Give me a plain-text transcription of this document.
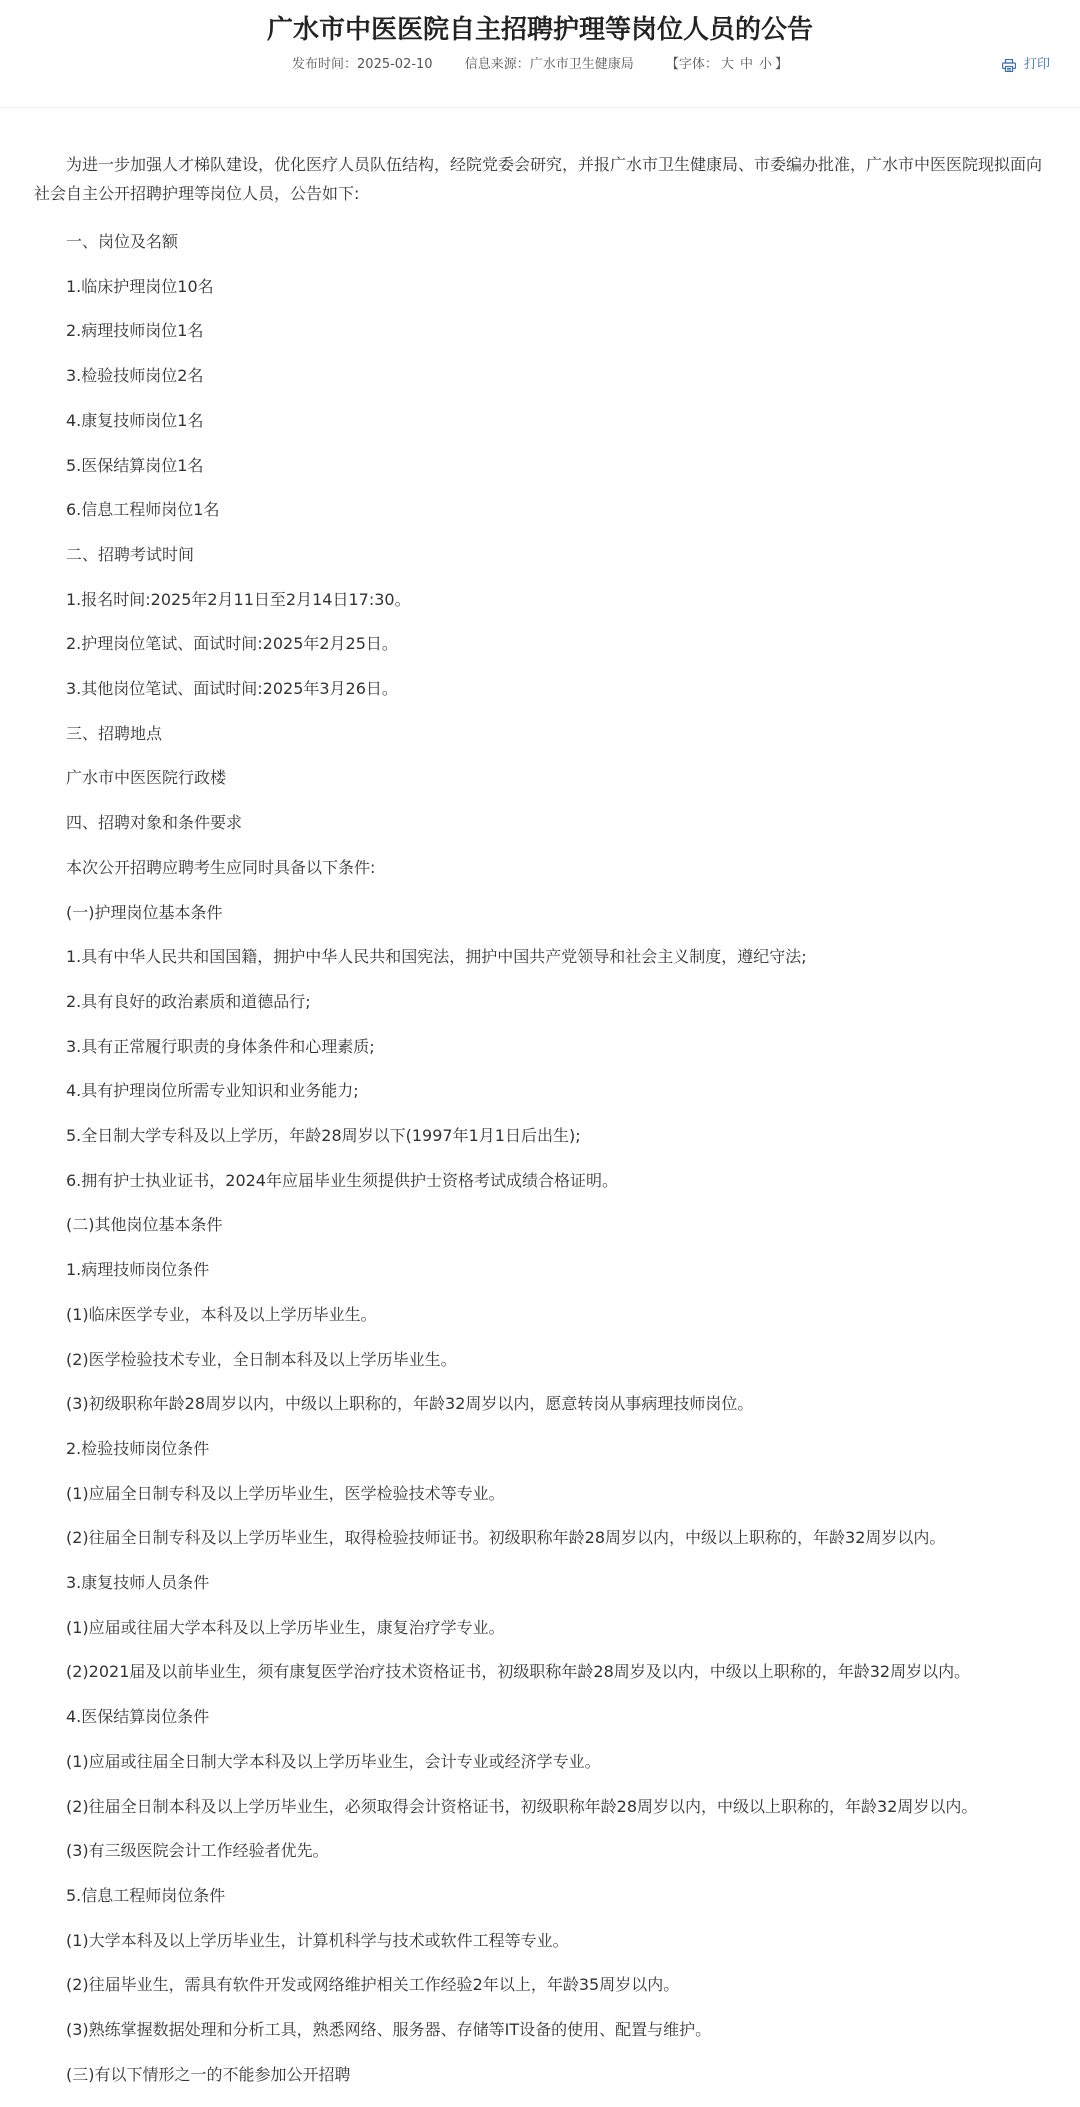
广水市中医医院自主招聘护理等岗位人员的公告
发布时间：2025-02-10 信息来源：广水市卫生健康局 【字体： 大 中 小 】	打印

为进一步加强人才梯队建设，优化医疗人员队伍结构，经院党委会研究，并报广水市卫生健康局、市委编办批准，广水市中医医院现拟面向社会自主公开招聘护理等岗位人员，公告如下:

一、岗位及名额

1.临床护理岗位10名

2.病理技师岗位1名

3.检验技师岗位2名

4.康复技师岗位1名

5.医保结算岗位1名

6.信息工程师岗位1名

二、招聘考试时间

1.报名时间:2025年2月11日至2月14日17:30。

2.护理岗位笔试、面试时间:2025年2月25日。

3.其他岗位笔试、面试时间:2025年3月26日。

三、招聘地点

广水市中医医院行政楼

四、招聘对象和条件要求

本次公开招聘应聘考生应同时具备以下条件:

(一)护理岗位基本条件

1.具有中华人民共和国国籍，拥护中华人民共和国宪法，拥护中国共产党领导和社会主义制度，遵纪守法;

2.具有良好的政治素质和道德品行;

3.具有正常履行职责的身体条件和心理素质;

4.具有护理岗位所需专业知识和业务能力;

5.全日制大学专科及以上学历，年龄28周岁以下(1997年1月1日后出生);

6.拥有护士执业证书，2024年应届毕业生须提供护士资格考试成绩合格证明。

(二)其他岗位基本条件

1.病理技师岗位条件

(1)临床医学专业，本科及以上学历毕业生。

(2)医学检验技术专业，全日制本科及以上学历毕业生。

(3)初级职称年龄28周岁以内，中级以上职称的，年龄32周岁以内，愿意转岗从事病理技师岗位。

2.检验技师岗位条件

(1)应届全日制专科及以上学历毕业生，医学检验技术等专业。

(2)往届全日制专科及以上学历毕业生，取得检验技师证书。初级职称年龄28周岁以内，中级以上职称的，年龄32周岁以内。

3.康复技师人员条件

(1)应届或往届大学本科及以上学历毕业生，康复治疗学专业。

(2)2021届及以前毕业生，须有康复医学治疗技术资格证书，初级职称年龄28周岁及以内，中级以上职称的，年龄32周岁以内。

4.医保结算岗位条件

(1)应届或往届全日制大学本科及以上学历毕业生，会计专业或经济学专业。

(2)往届全日制本科及以上学历毕业生，必须取得会计资格证书，初级职称年龄28周岁以内，中级以上职称的，年龄32周岁以内。

(3)有三级医院会计工作经验者优先。

5.信息工程师岗位条件

(1)大学本科及以上学历毕业生，计算机科学与技术或软件工程等专业。

(2)往届毕业生，需具有软件开发或网络维护相关工作经验2年以上，年龄35周岁以内。

(3)熟练掌握数据处理和分析工具，熟悉网络、服务器、存储等IT设备的使用、配置与维护。

(三)有以下情形之一的不能参加公开招聘
